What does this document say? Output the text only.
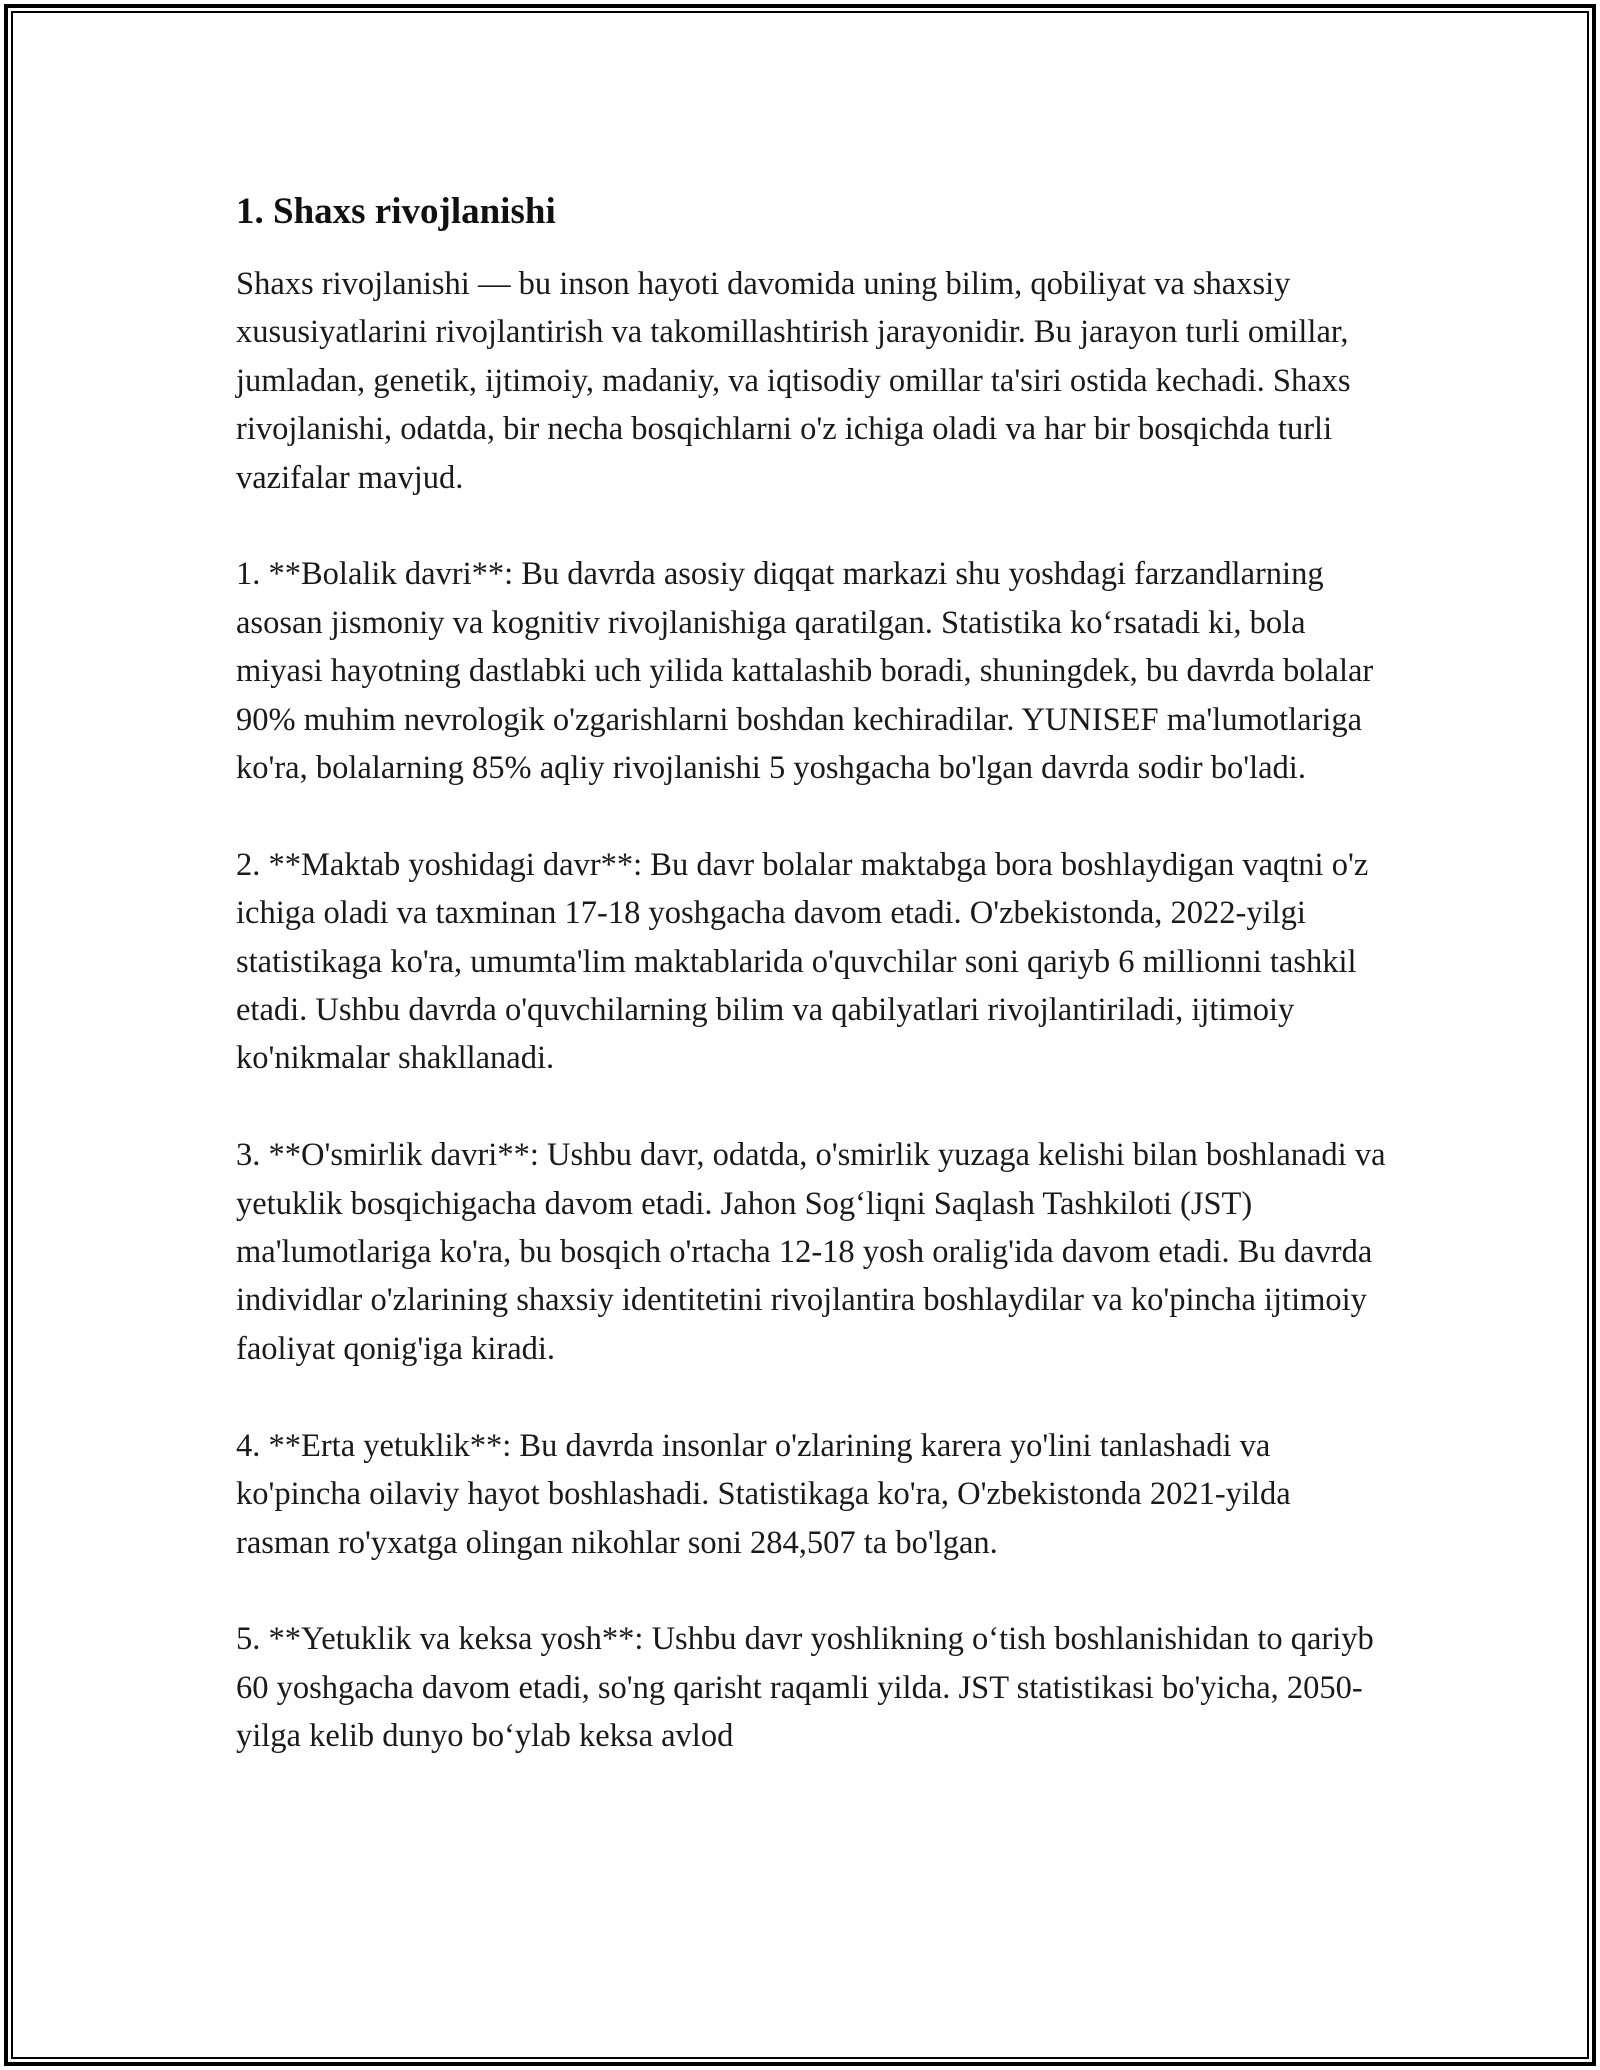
1. Shaxs rivojlanishi

Shaxs rivojlanishi — bu inson hayoti davomida uning bilim, qobiliyat va shaxsiy xususiyatlarini rivojlantirish va takomillashtirish jarayonidir. Bu jarayon turli omillar, jumladan, genetik, ijtimoiy, madaniy, va iqtisodiy omillar ta'siri ostida kechadi. Shaxs rivojlanishi, odatda, bir necha bosqichlarni o'z ichiga oladi va har bir bosqichda turli vazifalar mavjud.

1. **Bolalik davri**: Bu davrda asosiy diqqat markazi shu yoshdagi farzandlarning asosan jismoniy va kognitiv rivojlanishiga qaratilgan. Statistika ko‘rsatadi ki, bola miyasi hayotning dastlabki uch yilida kattalashib boradi, shuningdek, bu davrda bolalar 90% muhim nevrologik o'zgarishlarni boshdan kechiradilar. YUNISEF ma'lumotlariga ko'ra, bolalarning 85% aqliy rivojlanishi 5 yoshgacha bo'lgan davrda sodir bo'ladi.

2. **Maktab yoshidagi davr**: Bu davr bolalar maktabga bora boshlaydigan vaqtni o'z ichiga oladi va taxminan 17-18 yoshgacha davom etadi. O'zbekistonda, 2022-yilgi statistikaga ko'ra, umumta'lim maktablarida o'quvchilar soni qariyb 6 millionni tashkil etadi. Ushbu davrda o'quvchilarning bilim va qabilyatlari rivojlantiriladi, ijtimoiy ko'nikmalar shakllanadi.

3. **O'smirlik davri**: Ushbu davr, odatda, o'smirlik yuzaga kelishi bilan boshlanadi va yetuklik bosqichigacha davom etadi. Jahon Sog‘liqni Saqlash Tashkiloti (JST) ma'lumotlariga ko'ra, bu bosqich o'rtacha 12-18 yosh oralig'ida davom etadi. Bu davrda individlar o'zlarining shaxsiy identitetini rivojlantira boshlaydilar va ko'pincha ijtimoiy faoliyat qonig'iga kiradi.

4. **Erta yetuklik**: Bu davrda insonlar o'zlarining karera yo'lini tanlashadi va ko'pincha oilaviy hayot boshlashadi. Statistikaga ko'ra, O'zbekistonda 2021-yilda rasman ro'yxatga olingan nikohlar soni 284,507 ta bo'lgan.

5. **Yetuklik va keksa yosh**: Ushbu davr yoshlikning o‘tish boshlanishidan to qariyb 60 yoshgacha davom etadi, so'ng qarisht raqamli yilda. JST statistikasi bo'yicha, 2050-yilga kelib dunyo bo‘ylab keksa avlod
